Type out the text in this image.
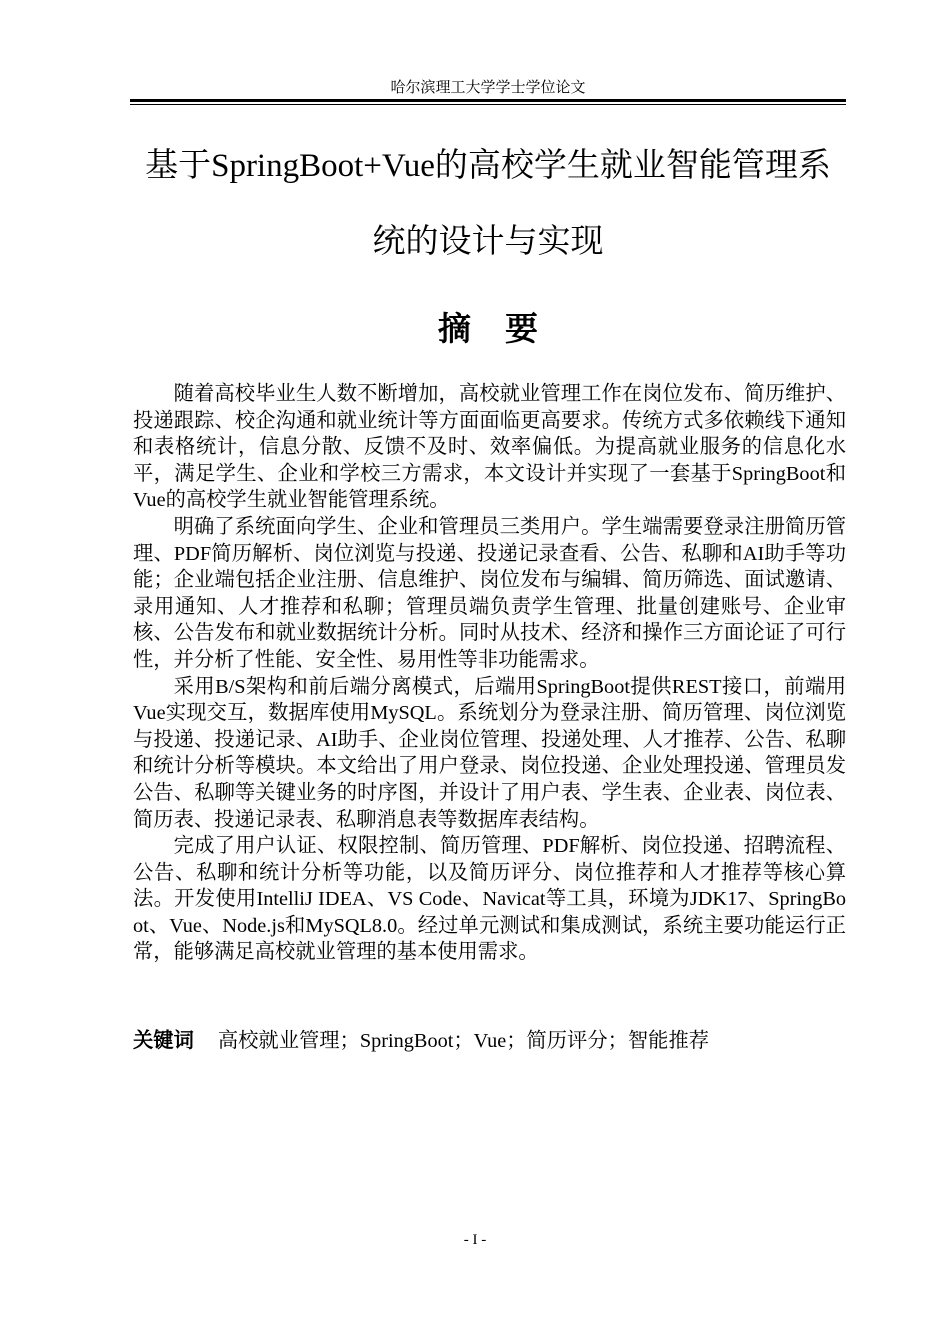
哈尔滨理工大学学士学位论文
基于SpringBoot+Vue的高校学生就业智能管理系
统的设计与实现
摘要

随着高校毕业生人数不断增加，高校就业管理工作在岗位发布、简历维护、投递跟踪、校企沟通和就业统计等方面面临更高要求。传统方式多依赖线下通知和表格统计，信息分散、反馈不及时、效率偏低。为提高就业服务的信息化水平，满足学生、企业和学校三方需求，本文设计并实现了一套基于SpringBoot和Vue的高校学生就业智能管理系统。

明确了系统面向学生、企业和管理员三类用户。学生端需要登录注册简历管理、PDF简历解析、岗位浏览与投递、投递记录查看、公告、私聊和AI助手等功能；企业端包括企业注册、信息维护、岗位发布与编辑、简历筛选、面试邀请、录用通知、人才推荐和私聊；管理员端负责学生管理、批量创建账号、企业审核、公告发布和就业数据统计分析。同时从技术、经济和操作三方面论证了可行性，并分析了性能、安全性、易用性等非功能需求。

采用B/S架构和前后端分离模式，后端用SpringBoot提供REST接口，前端用Vue实现交互，数据库使用MySQL。系统划分为登录注册、简历管理、岗位浏览与投递、投递记录、AI助手、企业岗位管理、投递处理、人才推荐、公告、私聊和统计分析等模块。本文给出了用户登录、岗位投递、企业处理投递、管理员发公告、私聊等关键业务的时序图，并设计了用户表、学生表、企业表、岗位表、简历表、投递记录表、私聊消息表等数据库表结构。

完成了用户认证、权限控制、简历管理、PDF解析、岗位投递、招聘流程、公告、私聊和统计分析等功能，以及简历评分、岗位推荐和人才推荐等核心算法。开发使用IntelliJ IDEA、VS Code、Navicat等工具，环境为JDK17、SpringBoot、Vue、Node.js和MySQL8.0。经过单元测试和集成测试，系统主要功能运行正常，能够满足高校就业管理的基本使用需求。

关键词 高校就业管理；SpringBoot；Vue；简历评分；智能推荐
- I -
